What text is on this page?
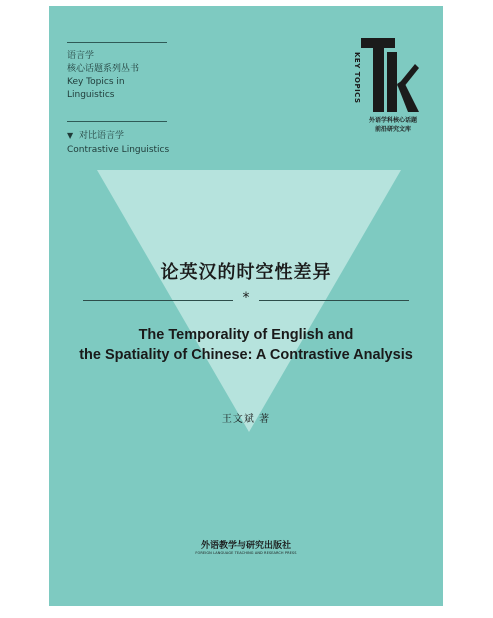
语言学
核心话题系列丛书
Key Topics in
Linguistics
▼ 对比语言学
Contrastive Linguistics
KEY TOPICS
外语学科核心话题
前沿研究文库
论英汉的时空性差异
*
The Temporality of English and
the Spatiality of Chinese: A Contrastive Analysis
王文斌 著
外语教学与研究出版社
FOREIGN LANGUAGE TEACHING AND RESEARCH PRESS
